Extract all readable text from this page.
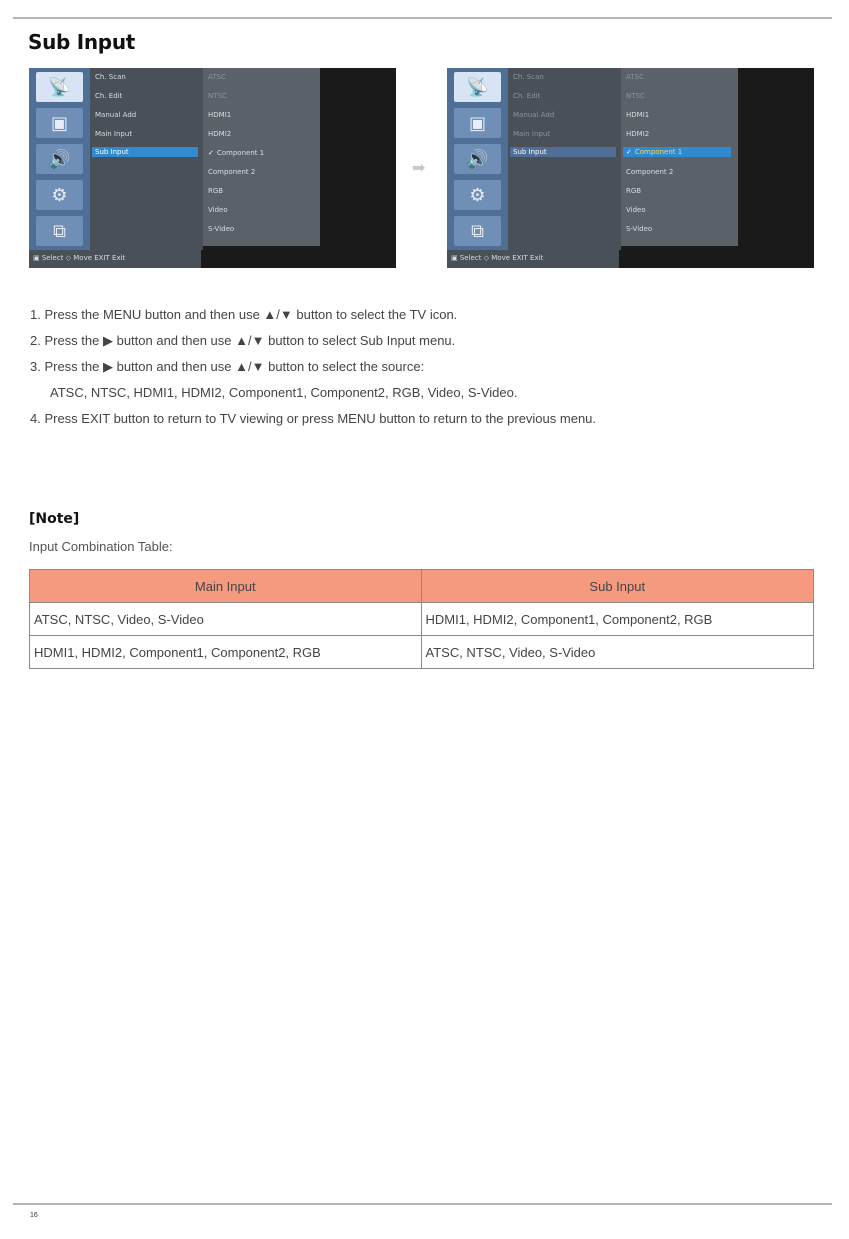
Sub Input
📡
▣
🔊
⚙
⧉
Ch. Scan
Ch. Edit
Manual Add
Main Input
Sub Input
ATSC
NTSC
HDMI1
HDMI2
✓ Component 1
Component 2
RGB
Video
S-Video
▣ Select ◇ Move EXIT Exit
➡
📡
▣
🔊
⚙
⧉
Ch. Scan
Ch. Edit
Manual Add
Main Input
Sub Input
ATSC
NTSC
HDMI1
HDMI2
✓ Component 1
Component 2
RGB
Video
S-Video
▣ Select ◇ Move EXIT Exit
1. Press the MENU button and then use ▲/▼ button to select the TV icon.
2. Press the ▶ button and then use ▲/▼ button to select Sub Input menu.
3. Press the ▶ button and then use ▲/▼ button to select the source:
ATSC, NTSC, HDMI1, HDMI2, Component1, Component2, RGB, Video, S-Video.
4. Press EXIT button to return to TV viewing or press MENU button to return to the previous menu.
[Note]
Input Combination Table:
Main Input	Sub Input
ATSC, NTSC, Video, S-Video	HDMI1, HDMI2, Component1, Component2, RGB
HDMI1, HDMI2, Component1, Component2, RGB	ATSC, NTSC, Video, S-Video
16
